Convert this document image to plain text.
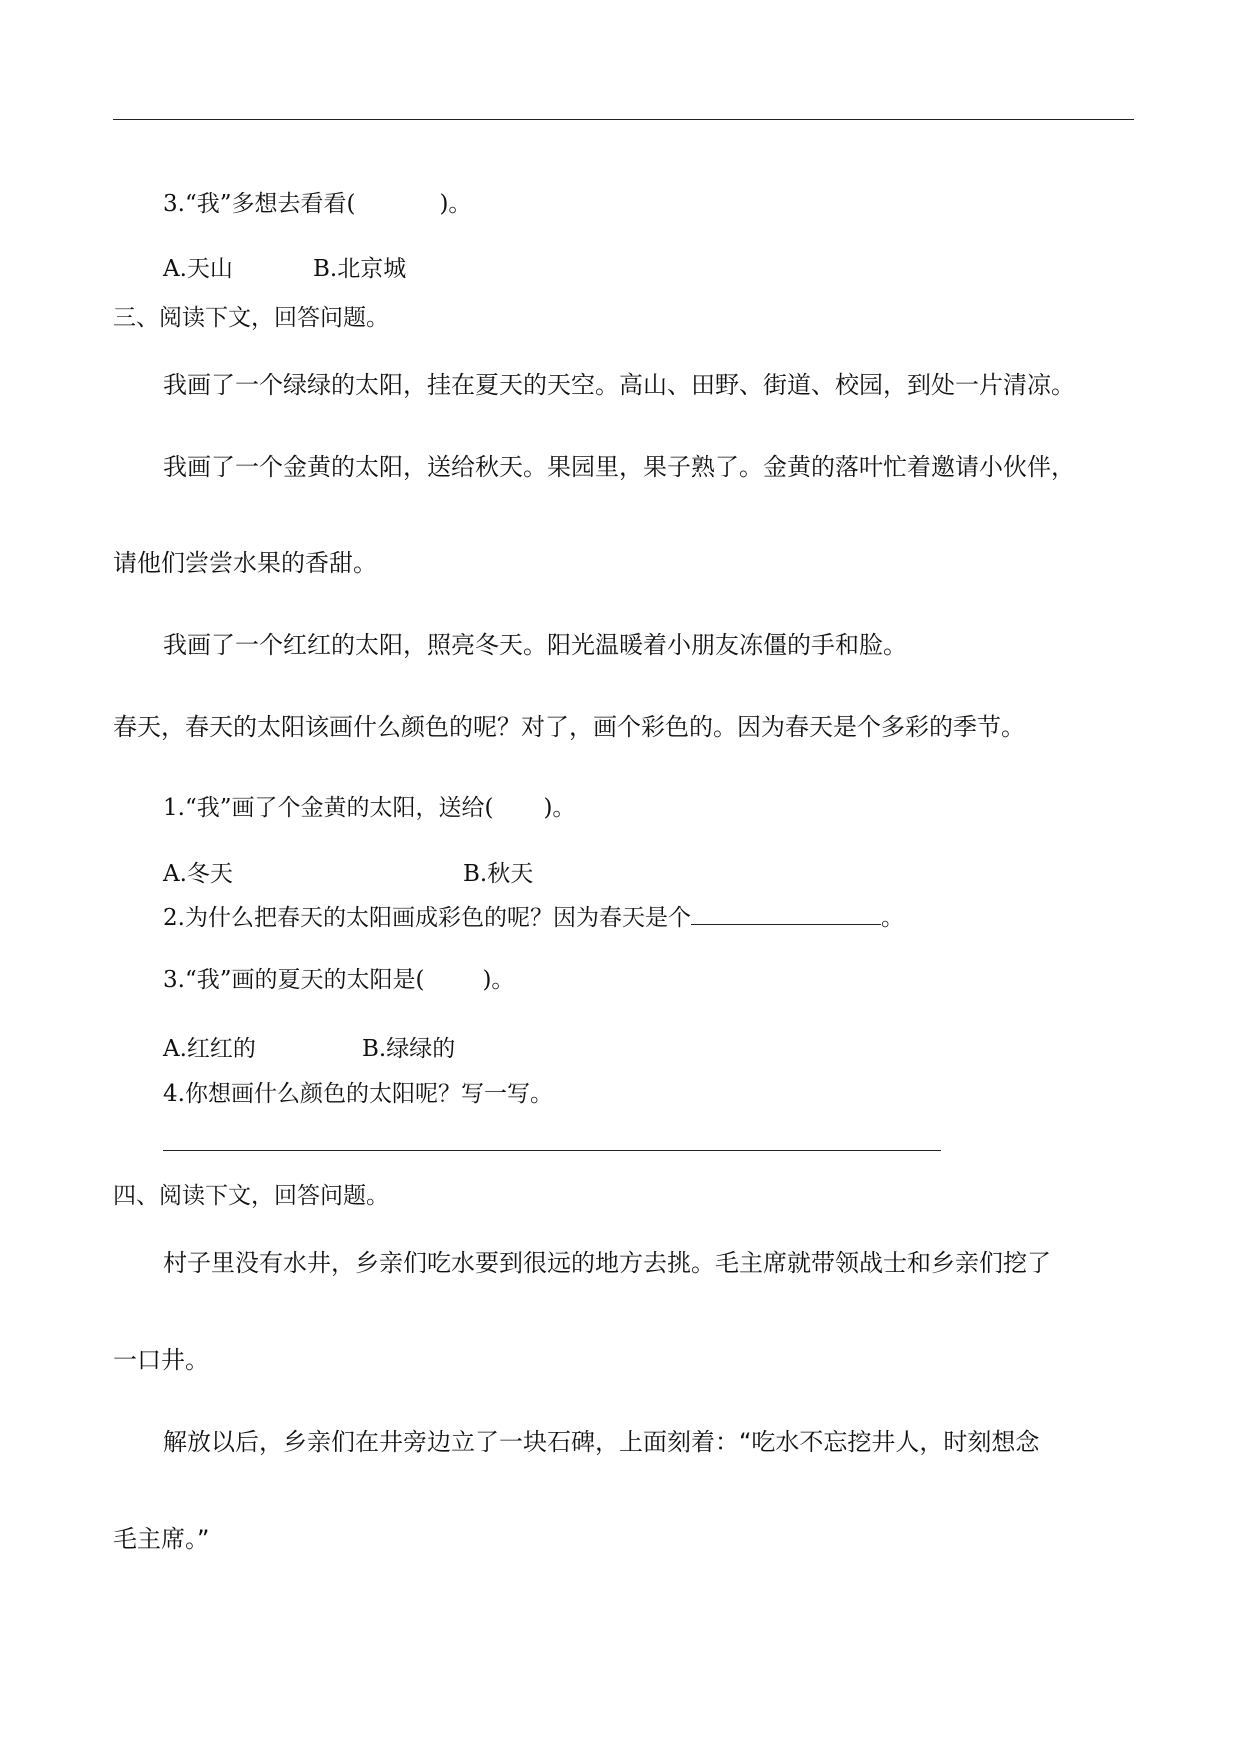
3.“我”多想去看看(	)。
A.天山	B.北京城
三、阅读下文，回答问题。
我画了一个绿绿的太阳，挂在夏天的天空。高山、田野、街道、校园，到处一片清凉。
我画了一个金黄的太阳，送给秋天。果园里，果子熟了。金黄的落叶忙着邀请小伙伴，
请他们尝尝水果的香甜。
我画了一个红红的太阳，照亮冬天。阳光温暖着小朋友冻僵的手和脸。
春天，春天的太阳该画什么颜色的呢？对了，画个彩色的。因为春天是个多彩的季节。
1.“我”画了个金黄的太阳，送给( )。
A.冬天	B.秋天
2.为什么把春天的太阳画成彩色的呢？因为春天是个	。
3.“我”画的夏天的太阳是(	)。
A.红红的	B.绿绿的
4.你想画什么颜色的太阳呢？写一写。
四、阅读下文，回答问题。
村子里没有水井，乡亲们吃水要到很远的地方去挑。毛主席就带领战士和乡亲们挖了
一口井。
解放以后，乡亲们在井旁边立了一块石碑，上面刻着：“吃水不忘挖井人，时刻想念
毛主席。”
